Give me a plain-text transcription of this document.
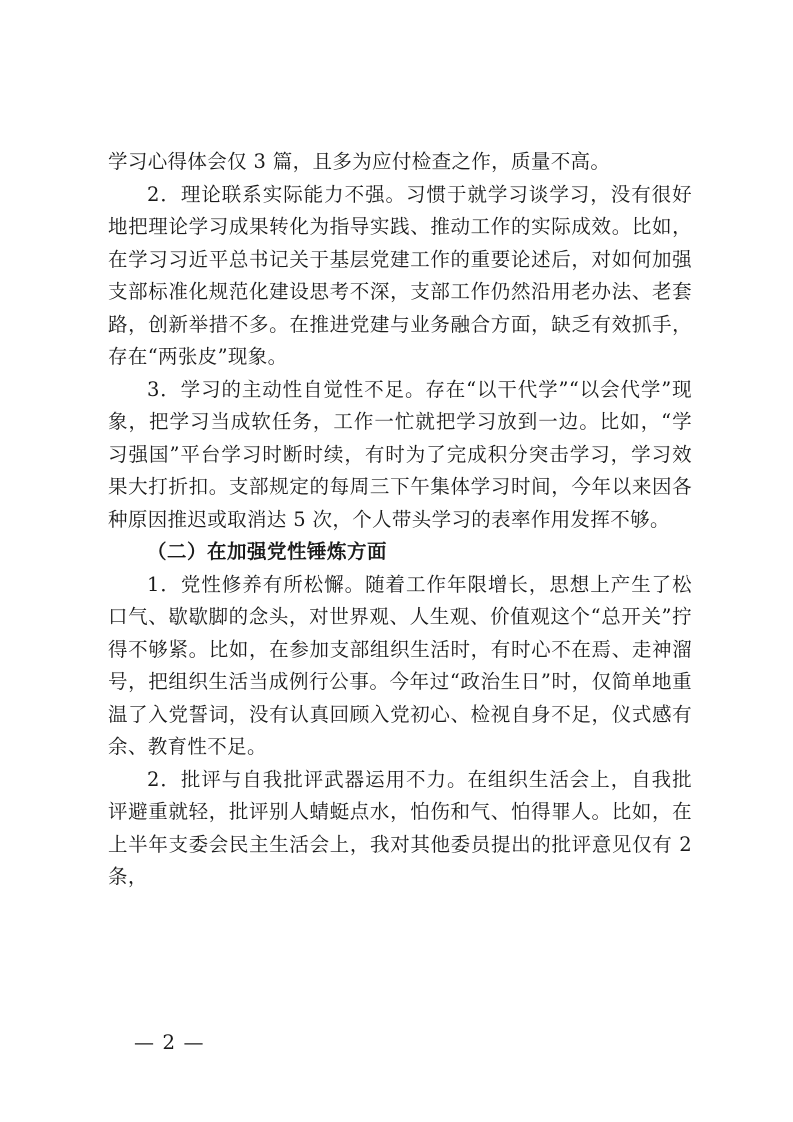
学习心得体会仅 3 篇，且多为应付检查之作，质量不高。

2．理论联系实际能力不强。习惯于就学习谈学习，没有很好地把理论学习成果转化为指导实践、推动工作的实际成效。比如，在学习习近平总书记关于基层党建工作的重要论述后，对如何加强支部标准化规范化建设思考不深，支部工作仍然沿用老办法、老套路，创新举措不多。在推进党建与业务融合方面，缺乏有效抓手，存在“两张皮”现象。

3．学习的主动性自觉性不足。存在“以干代学”“以会代学”现象，把学习当成软任务，工作一忙就把学习放到一边。比如，“学习强国”平台学习时断时续，有时为了完成积分突击学习，学习效果大打折扣。支部规定的每周三下午集体学习时间，今年以来因各种原因推迟或取消达 5 次，个人带头学习的表率作用发挥不够。

（二）在加强党性锤炼方面

1．党性修养有所松懈。随着工作年限增长，思想上产生了松口气、歇歇脚的念头，对世界观、人生观、价值观这个“总开关”拧得不够紧。比如，在参加支部组织生活时，有时心不在焉、走神溜号，把组织生活当成例行公事。今年过“政治生日”时，仅简单地重温了入党誓词，没有认真回顾入党初心、检视自身不足，仪式感有余、教育性不足。

2．批评与自我批评武器运用不力。在组织生活会上，自我批评避重就轻，批评别人蜻蜓点水，怕伤和气、怕得罪人。比如，在上半年支委会民主生活会上，我对其他委员提出的批评意见仅有 2 条，

— 2 —
